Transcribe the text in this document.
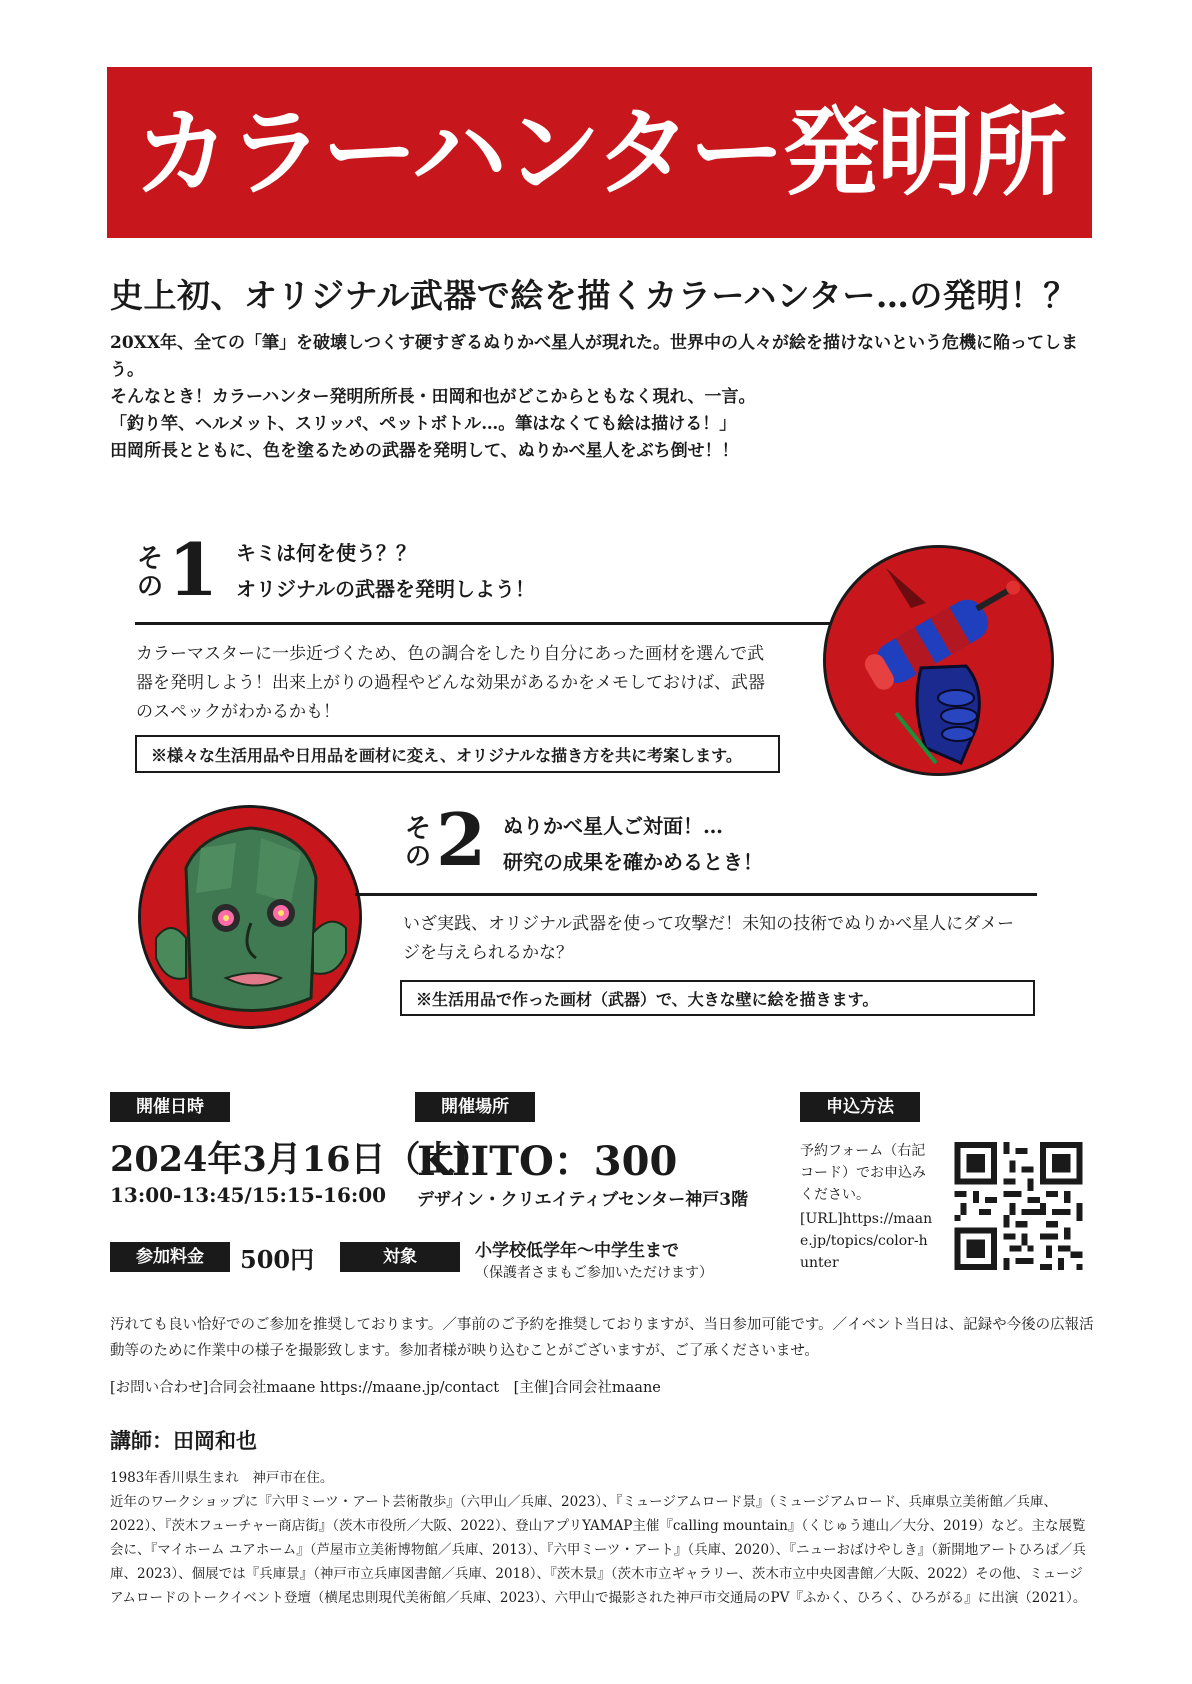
カラーハンター発明所
史上初、オリジナル武器で絵を描くカラーハンター…の発明！？

20XX年、全ての「筆」を破壊しつくす硬すぎるぬりかべ星人が現れた。世界中の人々が絵を描けないという危機に陥ってしまう。

そんなとき！カラーハンター発明所所長・田岡和也がどこからともなく現れ、一言。

「釣り竿、ヘルメット、スリッパ、ペットボトル…。筆はなくても絵は描ける！」

田岡所長とともに、色を塗るための武器を発明して、ぬりかべ星人をぶち倒せ！！

その 1 キミは何を使う？？
オリジナルの武器を発明しよう！
カラーマスターに一歩近づくため、色の調合をしたり自分にあった画材を選んで武器を発明しよう！出来上がりの過程やどんな効果があるかをメモしておけば、武器のスペックがわかるかも！
※様々な生活用品や日用品を画材に変え、オリジナルな描き方を共に考案します。
その 2 ぬりかべ星人ご対面！…
研究の成果を確かめるとき！
いざ実践、オリジナル武器を使って攻撃だ！未知の技術でぬりかべ星人にダメージを与えられるかな？
※生活用品で作った画材（武器）で、大きな壁に絵を描きます。
開催日時
2024年3月16日（土）
13:00-13:45/15:15-16:00
開催場所
KIITO：300
デザイン・クリエイティブセンター神戸3階
申込方法
予約フォーム（右記コード）でお申込みください。
[URL]https://maane.jp/topics/color-hunter
参加料金	500円	対象	小学校低学年〜中学生まで
（保護者さまもご参加いただけます）
汚れても良い恰好でのご参加を推奨しております。／事前のご予約を推奨しておりますが、当日参加可能です。／イベント当日は、記録や今後の広報活動等のために作業中の様子を撮影致します。参加者様が映り込むことがございますが、ご了承くださいませ。
[お問い合わせ]合同会社maane https://maane.jp/contact　[主催]合同会社maane
講師：田岡和也
1983年香川県生まれ　神戸市在住。
近年のワークショップに『六甲ミーツ・アート芸術散歩』（六甲山／兵庫、2023）、『ミュージアムロード景』（ミュージアムロード、兵庫県立美術館／兵庫、2022）、『茨木フューチャー商店街』（茨木市役所／大阪、2022）、登山アプリYAMAP主催『calling mountain』（くじゅう連山／大分、2019）など。主な展覧会に、『マイホーム ユアホーム』（芦屋市立美術博物館／兵庫、2013）、『六甲ミーツ・アート』（兵庫、2020）、『ニューおばけやしき』（新開地アートひろば／兵庫、2023）、個展では『兵庫景』（神戸市立兵庫図書館／兵庫、2018）、『茨木景』（茨木市立ギャラリー、茨木市立中央図書館／大阪、2022）その他、ミュージアムロードのトークイベント登壇（横尾忠則現代美術館／兵庫、2023）、六甲山で撮影された神戸市交通局のPV『ふかく、ひろく、ひろがる』に出演（2021）。
